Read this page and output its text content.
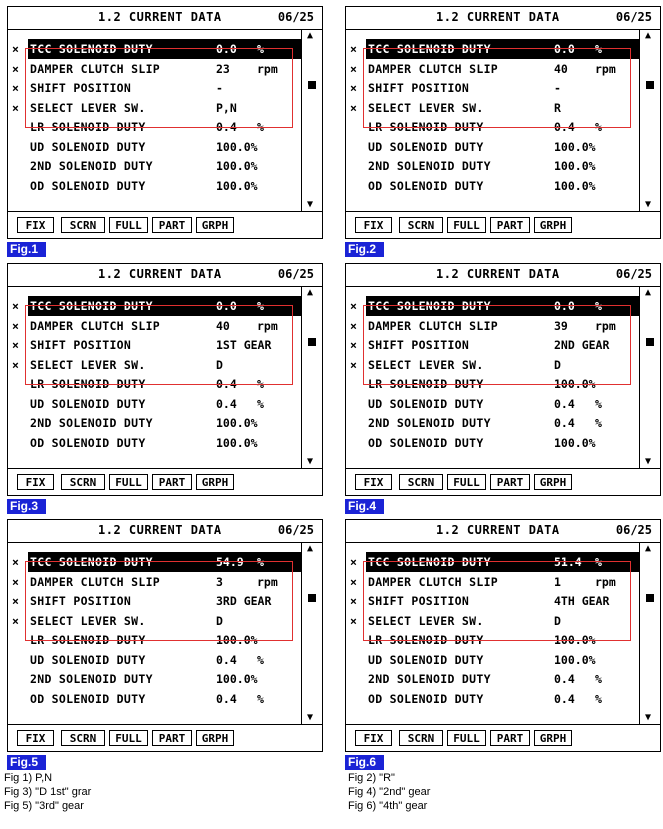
1.2 CURRENT DATA	06/25
▲
▼
× TCC SOLENOID DUTY	0.0 %
× DAMPER CLUTCH SLIP	23 rpm
× SHIFT POSITION	-
× SELECT LEVER SW.	P,N
LR SOLENOID DUTY	0.4 %
UD SOLENOID DUTY	100.0%
2ND SOLENOID DUTY	100.0%
OD SOLENOID DUTY	100.0%
FIX	SCRN	FULL	PART	GRPH
Fig.1
1.2 CURRENT DATA	06/25
▲
▼
× TCC SOLENOID DUTY	0.0 %
× DAMPER CLUTCH SLIP	40 rpm
× SHIFT POSITION	-
× SELECT LEVER SW.	R
LR SOLENOID DUTY	0.4 %
UD SOLENOID DUTY	100.0%
2ND SOLENOID DUTY	100.0%
OD SOLENOID DUTY	100.0%
FIX	SCRN	FULL	PART	GRPH
Fig.2
1.2 CURRENT DATA	06/25
▲
▼
× TCC SOLENOID DUTY	0.0 %
× DAMPER CLUTCH SLIP	40 rpm
× SHIFT POSITION	1ST GEAR
× SELECT LEVER SW.	D
LR SOLENOID DUTY	0.4 %
UD SOLENOID DUTY	0.4 %
2ND SOLENOID DUTY	100.0%
OD SOLENOID DUTY	100.0%
FIX	SCRN	FULL	PART	GRPH
Fig.3
1.2 CURRENT DATA	06/25
▲
▼
× TCC SOLENOID DUTY	0.0 %
× DAMPER CLUTCH SLIP	39 rpm
× SHIFT POSITION	2ND GEAR
× SELECT LEVER SW.	D
LR SOLENOID DUTY	100.0%
UD SOLENOID DUTY	0.4 %
2ND SOLENOID DUTY	0.4 %
OD SOLENOID DUTY	100.0%
FIX	SCRN	FULL	PART	GRPH
Fig.4
1.2 CURRENT DATA	06/25
▲
▼
× TCC SOLENOID DUTY	54.9 %
× DAMPER CLUTCH SLIP	3	rpm
× SHIFT POSITION	3RD GEAR
× SELECT LEVER SW.	D
LR SOLENOID DUTY	100.0%
UD SOLENOID DUTY	0.4 %
2ND SOLENOID DUTY	100.0%
OD SOLENOID DUTY	0.4 %
FIX	SCRN	FULL	PART	GRPH
Fig.5
1.2 CURRENT DATA	06/25
▲
▼
× TCC SOLENOID DUTY	51.4 %
× DAMPER CLUTCH SLIP	1	rpm
× SHIFT POSITION	4TH GEAR
× SELECT LEVER SW.	D
LR SOLENOID DUTY	100.0%
UD SOLENOID DUTY	100.0%
2ND SOLENOID DUTY	0.4 %
OD SOLENOID DUTY	0.4 %
FIX	SCRN	FULL	PART	GRPH
Fig.6
Fig 1) P,N
Fig 3) "D 1st" grar
Fig 5) "3rd" gear
Fig 2) "R"
Fig 4) "2nd" gear
Fig 6) "4th" gear
